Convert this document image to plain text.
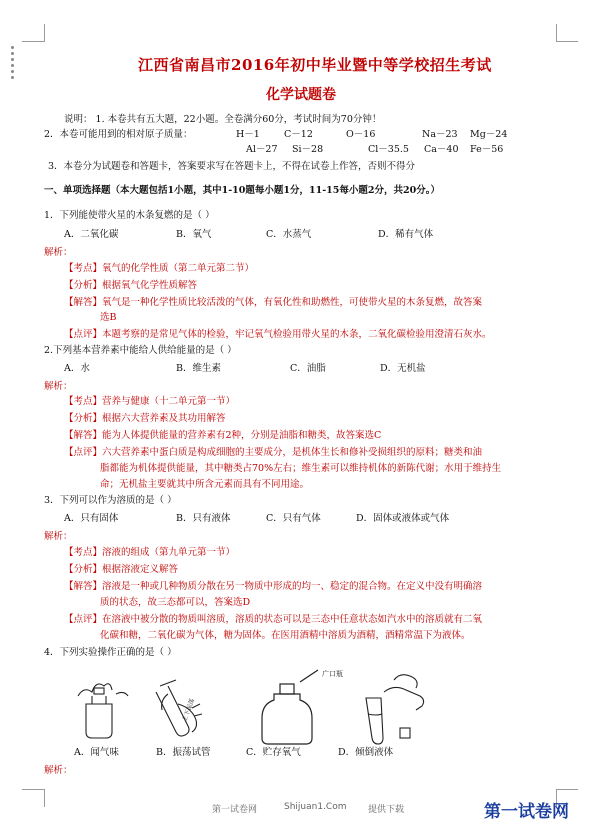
江西省南昌市2016年初中毕业暨中等学校招生考试
化学试题卷
说明： 1. 本卷共有五大题，22小题。全卷满分60分，考试时间为70分钟！
2．本卷可能用到的相对原子质量：	H－1	C－12	O－16	Na－23 Mg－24
Al－27 Si－28	Cl－35.5 Ca－40 Fe－56
3．本卷分为试题卷和答题卡，答案要求写在答题卡上，不得在试卷上作答，否则不得分
一、单项选择题（本大题包括1小题，其中1-10题每小题1分，11-15每小题2分，共20分。）
1．下列能使带火星的木条复燃的是（ ）
A．二氧化碳	B．氧气	C．水蒸气	D．稀有气体
解析：
【考点】氧气的化学性质（第二单元第二节）
【分析】根据氧气化学性质解答
【解答】氧气是一种化学性质比较活泼的气体，有氧化性和助燃性，可使带火星的木条复燃，故答案
选B
【点评】本题考察的是常见气体的检验，牢记氧气检验用带火星的木条，二氧化碳检验用澄清石灰水。
2.下列基本营养素中能给人供给能量的是（ ）
A．水	B．维生素	C．油脂	D．无机盐
解析：
【考点】营养与健康（十二单元第一节）
【分析】根据六大营养素及其功用解答
【解答】能为人体提供能量的营养素有2种，分别是油脂和糖类，故答案选C
【点评】六大营养素中蛋白质是构成细胞的主要成分，是机体生长和修补受损组织的原料；糖类和油
脂都能为机体提供能量，其中糖类占70%左右；维生素可以维持机体的新陈代谢；水用于维持生
命；无机盐主要就其中所含元素而具有不同用途。
3．下列可以作为溶质的是（ ）
A．只有固体	B．只有液体	C．只有气体	D．固体或液体或气体
解析：
【考点】溶液的组成（第九单元第一节）
【分析】根据溶液定义解答
【解答】溶液是一种或几种物质分散在另一物质中形成的均一、稳定的混合物。在定义中没有明确溶
质的状态，故三态都可以，答案选D
【点评】在溶液中被分散的物质叫溶质，溶质的状态可以是三态中任意状态如汽水中的溶质就有二氧
化碳和糖，二氧化碳为气体，糖为固体。在医用酒精中溶质为酒精，酒精常温下为液体。
4．下列实验操作正确的是（ ）
上下振荡
广口瓶
A．闻气味	B．振荡试管	C．贮存氧气	D．倾倒液体
解析：
第一试卷网	Shijuan1.Com 提供下载	第一试卷网
